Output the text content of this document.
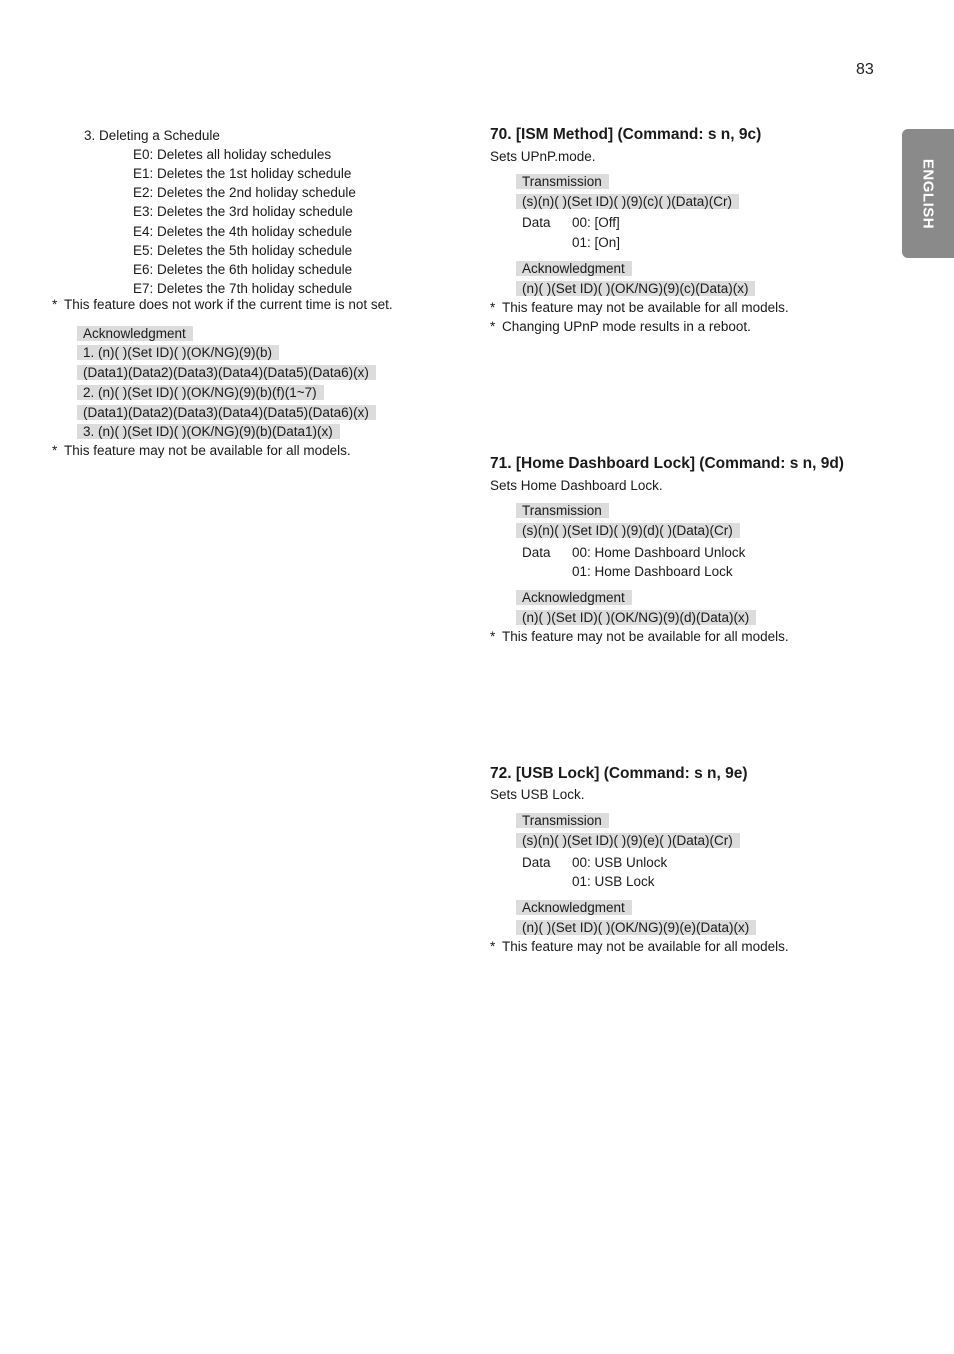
83
ENGLISH
3. Deleting a Schedule
E0: Deletes all holiday schedules
E1: Deletes the 1st holiday schedule
E2: Deletes the 2nd holiday schedule
E3: Deletes the 3rd holiday schedule
E4: Deletes the 4th holiday schedule
E5: Deletes the 5th holiday schedule
E6: Deletes the 6th holiday schedule
E7: Deletes the 7th holiday schedule
* This feature does not work if the current time is not set.
Acknowledgment
1. (n)( )(Set ID)( )(OK/NG)(9)(b)
(Data1)(Data2)(Data3)(Data4)(Data5)(Data6)(x)
2. (n)( )(Set ID)( )(OK/NG)(9)(b)(f)(1~7)
(Data1)(Data2)(Data3)(Data4)(Data5)(Data6)(x)
3. (n)( )(Set ID)( )(OK/NG)(9)(b)(Data1)(x)
* This feature may not be available for all models.
70. [ISM Method] (Command: s n, 9c)
Sets UPnP.mode.
Transmission
(s)(n)( )(Set ID)( )(9)(c)( )(Data)(Cr)
Data 00: [Off]
01: [On]
Acknowledgment
(n)( )(Set ID)( )(OK/NG)(9)(c)(Data)(x)
* This feature may not be available for all models.
* Changing UPnP mode results in a reboot.
71. [Home Dashboard Lock] (Command: s n, 9d)
Sets Home Dashboard Lock.
Transmission
(s)(n)( )(Set ID)( )(9)(d)( )(Data)(Cr)
Data 00: Home Dashboard Unlock
01: Home Dashboard Lock
Acknowledgment
(n)( )(Set ID)( )(OK/NG)(9)(d)(Data)(x)
* This feature may not be available for all models.
72. [USB Lock] (Command: s n, 9e)
Sets USB Lock.
Transmission
(s)(n)( )(Set ID)( )(9)(e)( )(Data)(Cr)
Data 00: USB Unlock
01: USB Lock
Acknowledgment
(n)( )(Set ID)( )(OK/NG)(9)(e)(Data)(x)
* This feature may not be available for all models.
